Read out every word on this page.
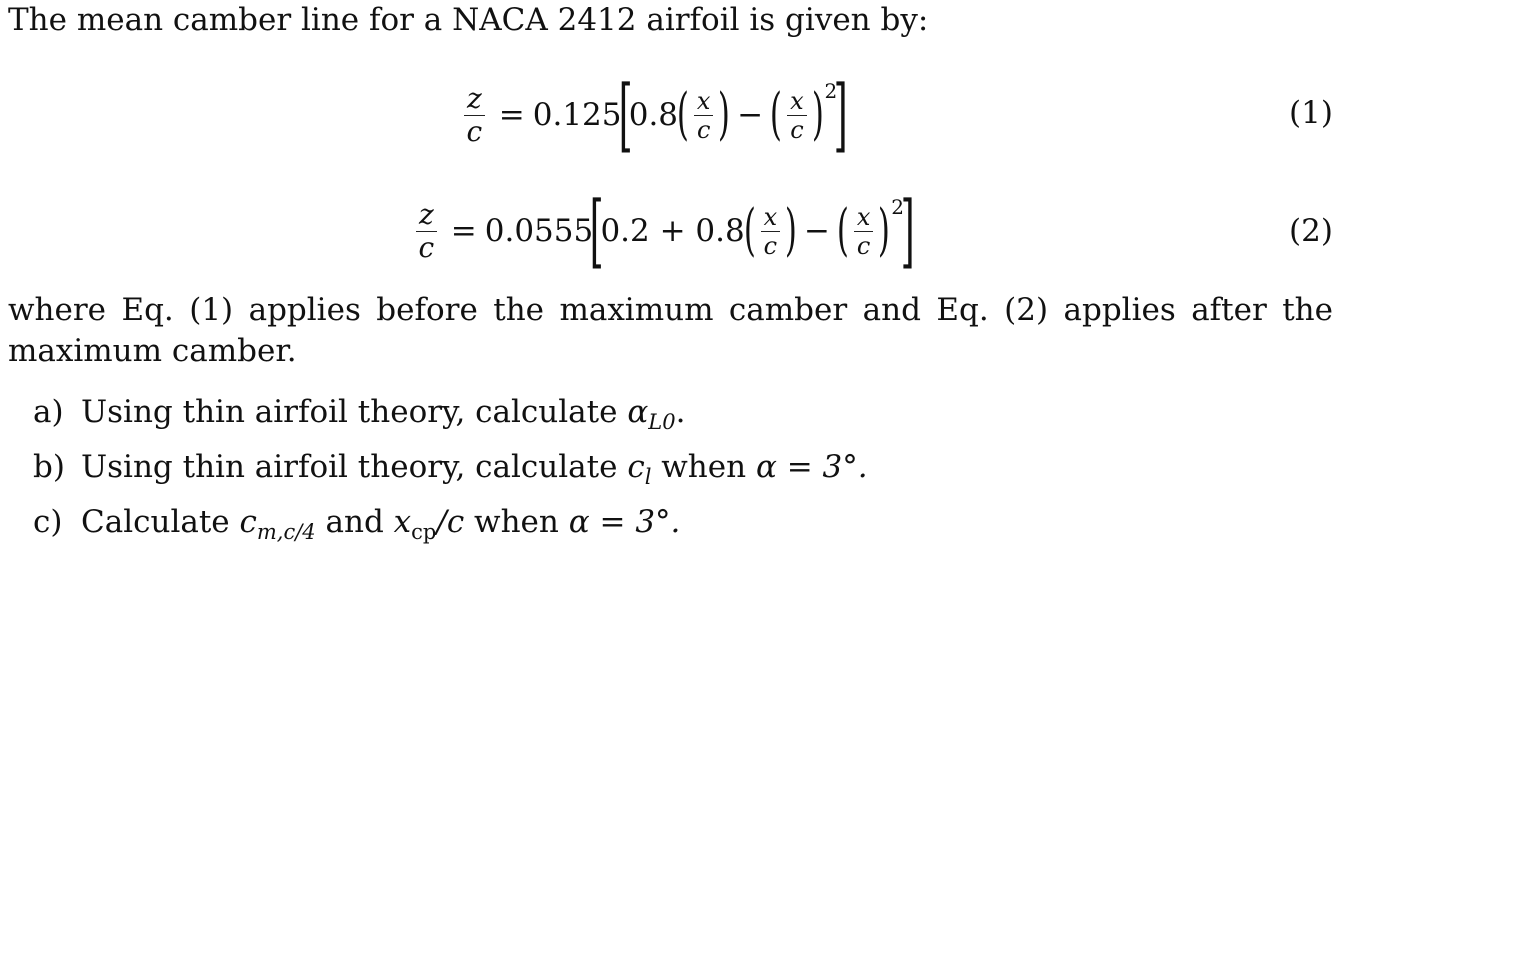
The mean camber line for a NACA 2412 airfoil is given by:
$\frac{z}{c} = 0.125$
[
0.8
( $\frac{x}{c}$ ) − ( $\frac{x}{c}$ ) 2
]	(1)
$\frac{z}{c} = 0.0555$
[
0.2 + 0.8
( $\frac{x}{c}$ ) − ( $\frac{x}{c}$ ) 2
]	(2)
where Eq. (1) applies before the maximum camber and Eq. (2) applies after the maximum camber.
a) Using thin airfoil theory, calculate $\alpha_{L0}$.
b) Using thin airfoil theory, calculate $c_l$ when α = 3°.
c) Calculate $c_{m,c/4}$ and $x_{cp}/c$ when α = 3°.
